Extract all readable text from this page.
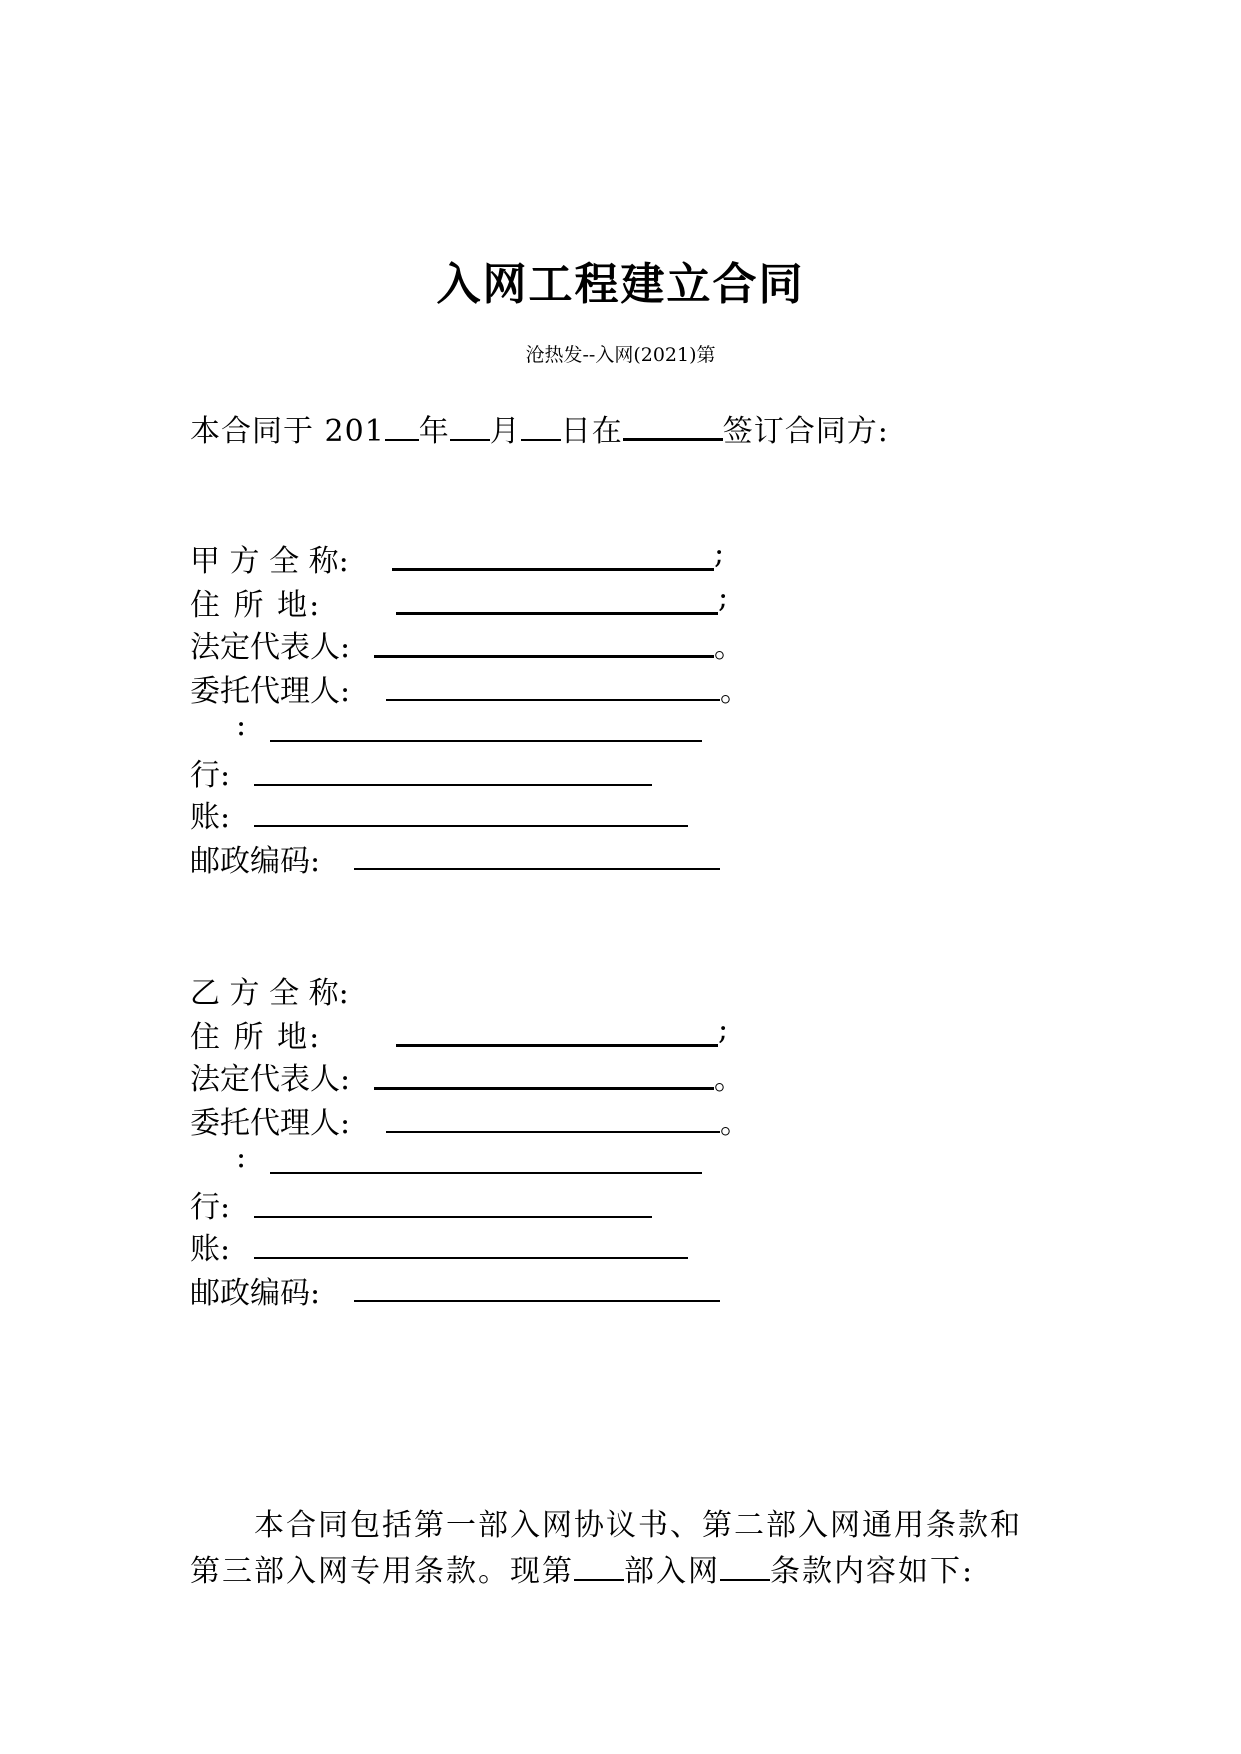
入网工程建立合同
沧热发--入网(2021)第
本合同于 201 年 月 日在	签订合同方:
甲 方 全 称:	;
住 所 地:	;
法定代表人:	。
委托代理人:	。
:
行:
账:
邮政编码:
乙 方 全 称:
住 所 地:	;
法定代表人:	。
委托代理人:	。
:
行:
账:
邮政编码:
本合同包括第一部入网协议书、第二部入网通用条款和
第三部入网专用条款。现第 部入网 条款内容如下:
